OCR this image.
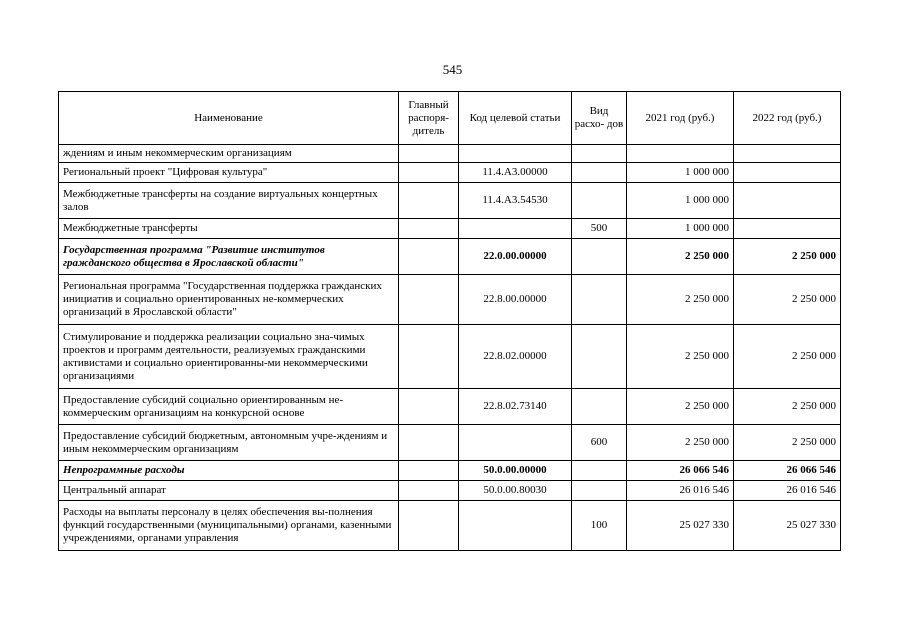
545
Наименование	Главный распоря- дитель	Код целевой статьи	Вид расхо- дов	2021 год (руб.)	2022 год (руб.)
ждениям и иным некоммерческим организациям					
Региональный проект "Цифровая культура"		11.4.А3.00000		1 000 000	
Межбюджетные трансферты на создание виртуальных концертных залов		11.4.А3.54530		1 000 000	
Межбюджетные трансферты			500	1 000 000	
Государственная программа "Развитие институтов гражданского общества в Ярославской области"		22.0.00.00000		2 250 000	2 250 000
Региональная программа "Государственная поддержка гражданских инициатив и социально ориентированных не-коммерческих организаций в Ярославской области"		22.8.00.00000		2 250 000	2 250 000
Стимулирование и поддержка реализации социально зна-чимых проектов и программ деятельности, реализуемых гражданскими активистами и социально ориентированны-ми некоммерческими организациями		22.8.02.00000		2 250 000	2 250 000
Предоставление субсидий социально ориентированным не-коммерческим организациям на конкурсной основе		22.8.02.73140		2 250 000	2 250 000
Предоставление субсидий бюджетным, автономным учре-ждениям и иным некоммерческим организациям			600	2 250 000	2 250 000
Непрограммные расходы		50.0.00.00000		26 066 546	26 066 546
Центральный аппарат		50.0.00.80030		26 016 546	26 016 546
Расходы на выплаты персоналу в целях обеспечения вы-полнения функций государственными (муниципальными) органами, казенными учреждениями, органами управления			100	25 027 330	25 027 330
